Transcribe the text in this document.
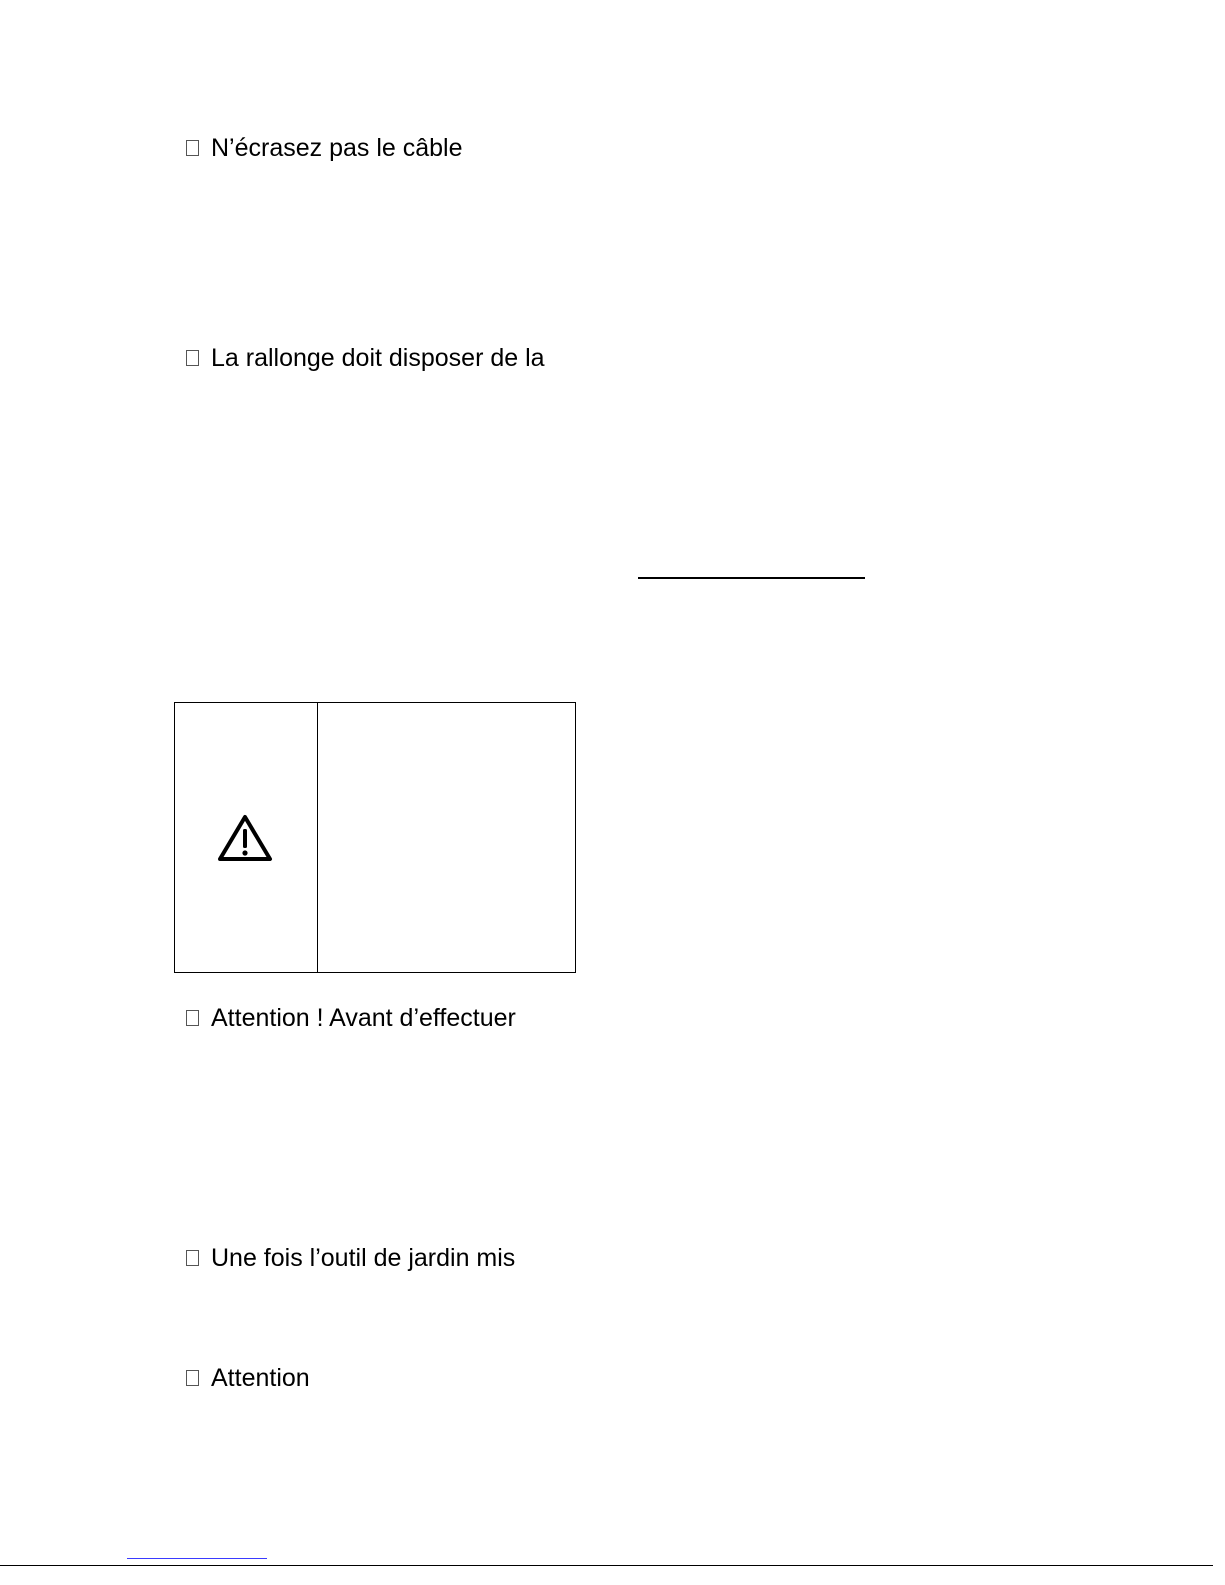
N’écrasez pas le câble
La rallonge doit disposer de la
Attention ! Avant d’effectuer
Une fois l’outil de jardin mis
Attention
